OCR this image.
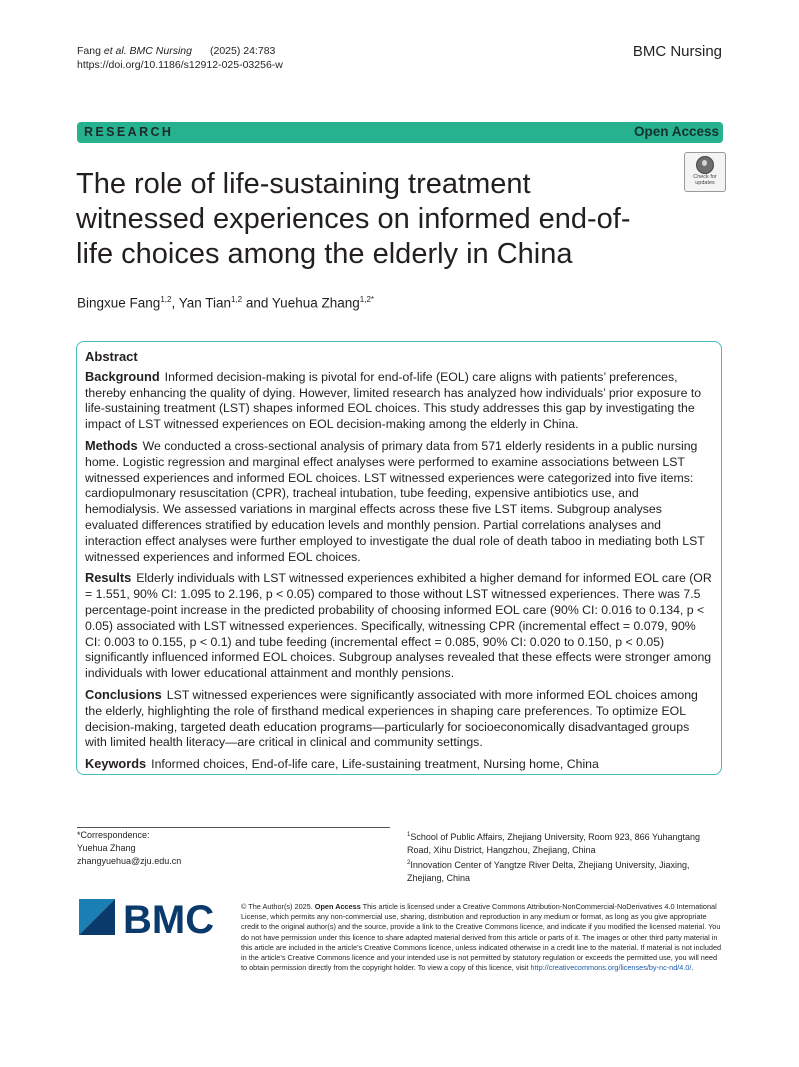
Fang et al. BMC Nursing (2025) 24:783
https://doi.org/10.1186/s12912-025-03256-w
BMC Nursing
RESEARCH	Open Access
The role of life-sustaining treatment witnessed experiences on informed end-of-life choices among the elderly in China
Check for updates
Bingxue Fang$^{1,2}$, Yan Tian$^{1,2}$ and Yuehua Zhang$^{1,2*}$
Abstract

Background Informed decision-making is pivotal for end-of-life (EOL) care aligns with patients’ preferences, thereby enhancing the quality of dying. However, limited research has analyzed how individuals’ prior exposure to life-sustaining treatment (LST) shapes informed EOL choices. This study addresses this gap by investigating the impact of LST witnessed experiences on EOL decision-making among the elderly in China.

Methods We conducted a cross-sectional analysis of primary data from 571 elderly residents in a public nursing home. Logistic regression and marginal effect analyses were performed to examine associations between LST witnessed experiences and informed EOL choices. LST witnessed experiences were categorized into five items: cardiopulmonary resuscitation (CPR), tracheal intubation, tube feeding, expensive antibiotics use, and hemodialysis. We assessed variations in marginal effects across these five LST items. Subgroup analyses evaluated differences stratified by education levels and monthly pension. Partial correlations analyses and interaction effect analyses were further employed to investigate the dual role of death taboo in mediating both LST witnessed experiences and informed EOL choices.

Results Elderly individuals with LST witnessed experiences exhibited a higher demand for informed EOL care (OR = 1.551, 90% CI: 1.095 to 2.196, p < 0.05) compared to those without LST witnessed experiences. There was 7.5 percentage-point increase in the predicted probability of choosing informed EOL care (90% CI: 0.016 to 0.134, p < 0.05) associated with LST witnessed experiences. Specifically, witnessing CPR (incremental effect = 0.079, 90% CI: 0.003 to 0.155, p < 0.1) and tube feeding (incremental effect = 0.085, 90% CI: 0.020 to 0.150, p < 0.05) significantly influenced informed EOL choices. Subgroup analyses revealed that these effects were stronger among individuals with lower educational attainment and monthly pensions.

Conclusions LST witnessed experiences were significantly associated with more informed EOL choices among the elderly, highlighting the role of firsthand medical experiences in shaping care preferences. To optimize EOL decision-making, targeted death education programs—particularly for socioeconomically disadvantaged groups with limited health literacy—are critical in clinical and community settings.

Keywords Informed choices, End-of-life care, Life-sustaining treatment, Nursing home, China

*Correspondence:
Yuehua Zhang
zhangyuehua@zju.edu.cn
$^1$School of Public Affairs, Zhejiang University, Room 923, 866 Yuhangtang Road, Xihu District, Hangzhou, Zhejiang, China
$^2$Innovation Center of Yangtze River Delta, Zhejiang University, Jiaxing, Zhejiang, China
BMC	© The Author(s) 2025. Open Access This article is licensed under a Creative Commons Attribution-NonCommercial-NoDerivatives 4.0 International License, which permits any non-commercial use, sharing, distribution and reproduction in any medium or format, as long as you give appropriate credit to the original author(s) and the source, provide a link to the Creative Commons licence, and indicate if you modified the licensed material. You do not have permission under this licence to share adapted material derived from this article or parts of it. The images or other third party material in this article are included in the article’s Creative Commons licence, unless indicated otherwise in a credit line to the material. If material is not included in the article’s Creative Commons licence and your intended use is not permitted by statutory regulation or exceeds the permitted use, you will need to obtain permission directly from the copyright holder. To view a copy of this licence, visit http://creativecommons.org/licenses/by-nc-nd/4.0/.
